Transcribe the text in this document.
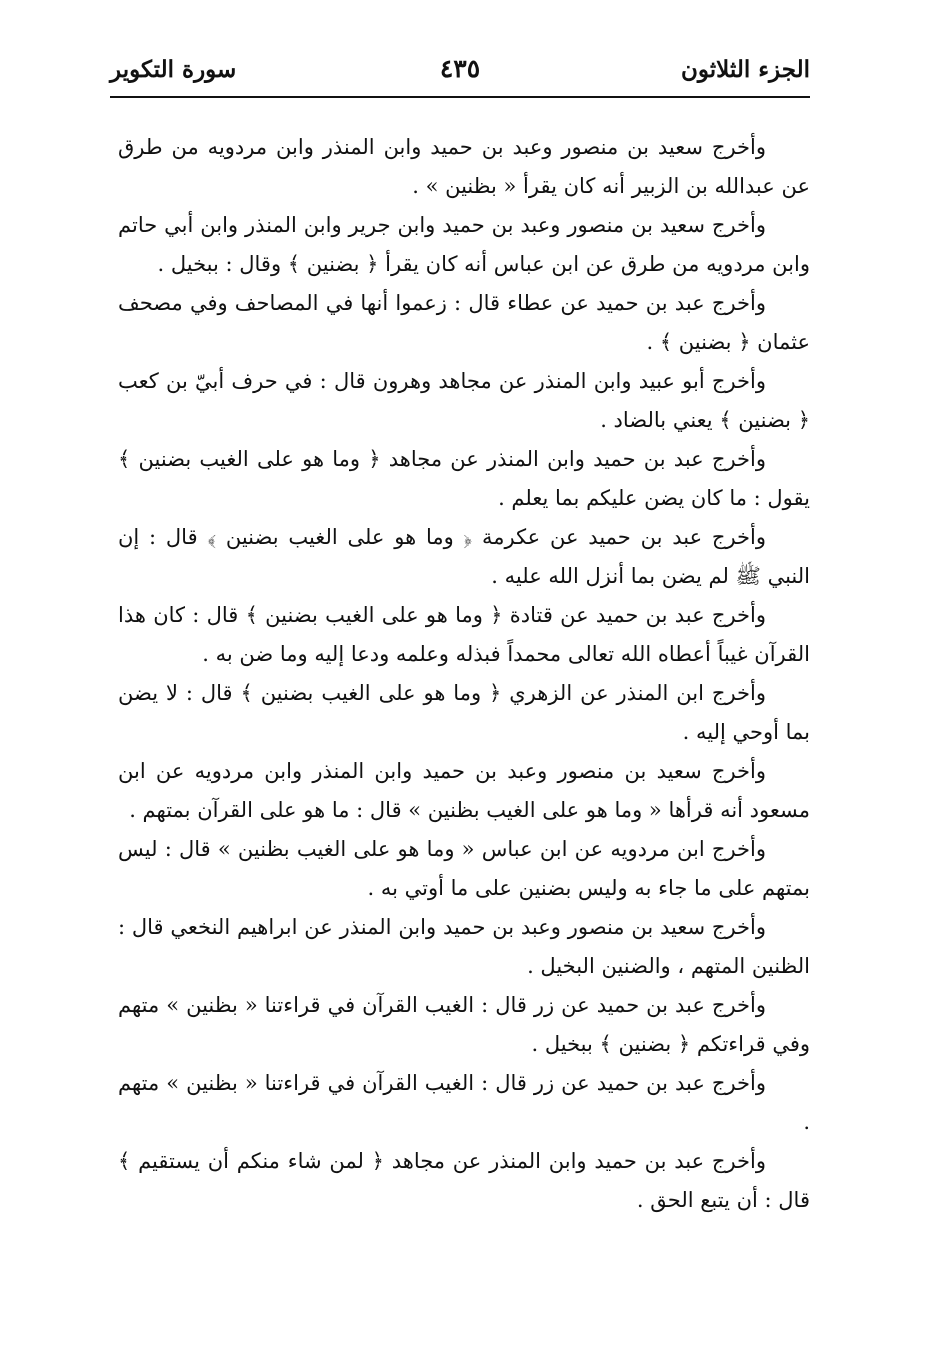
الجزء الثلاثون
٤٣٥
سورة التكوير

وأخرج سعيد بن منصور وعبد بن حميد وابن المنذر وابن مردويه من طرق عن عبدالله بن الزبير أنه كان يقرأ « بظنين » .

وأخرج سعيد بن منصور وعبد بن حميد وابن جرير وابن المنذر وابن أبي حاتم وابن مردويه من طرق عن ابن عباس أنه كان يقرأ ﴿ بضنين ﴾ وقال : ببخيل .

وأخرج عبد بن حميد عن عطاء قال : زعموا أنها في المصاحف وفي مصحف عثمان ﴿ بضنين ﴾ .

وأخرج أبو عبيد وابن المنذر عن مجاهد وهرون قال : في حرف أبيّ بن كعب ﴿ بضنين ﴾ يعني بالضاد .

وأخرج عبد بن حميد وابن المنذر عن مجاهد ﴿ وما هو على الغيب بضنين ﴾ يقول : ما كان يضن عليكم بما يعلم .

وأخرج عبد بن حميد عن عكرمة ﴿ وما هو على الغيب بضنين ﴾ قال : إن النبي ﷺ لم يضن بما أنزل الله عليه .

وأخرج عبد بن حميد عن قتادة ﴿ وما هو على الغيب بضنين ﴾ قال : كان هذا القرآن غيباً أعطاه الله تعالى محمداً فبذله وعلمه ودعا إليه وما ضن به .

وأخرج ابن المنذر عن الزهري ﴿ وما هو على الغيب بضنين ﴾ قال : لا يضن بما أوحي إليه .

وأخرج سعيد بن منصور وعبد بن حميد وابن المنذر وابن مردويه عن ابن مسعود أنه قرأها « وما هو على الغيب بظنين » قال : ما هو على القرآن بمتهم .

وأخرج ابن مردويه عن ابن عباس « وما هو على الغيب بظنين » قال : ليس بمتهم على ما جاء به وليس بضنين على ما أوتي به .

وأخرج سعيد بن منصور وعبد بن حميد وابن المنذر عن ابراهيم النخعي قال : الظنين المتهم ، والضنين البخيل .

وأخرج عبد بن حميد عن زر قال : الغيب القرآن في قراءتنا « بظنين » متهم وفي قراءتكم ﴿ بضنين ﴾ ببخيل .

وأخرج عبد بن حميد عن زر قال : الغيب القرآن في قراءتنا « بظنين » متهم .

وأخرج عبد بن حميد وابن المنذر عن مجاهد ﴿ لمن شاء منكم أن يستقيم ﴾ قال : أن يتبع الحق .
